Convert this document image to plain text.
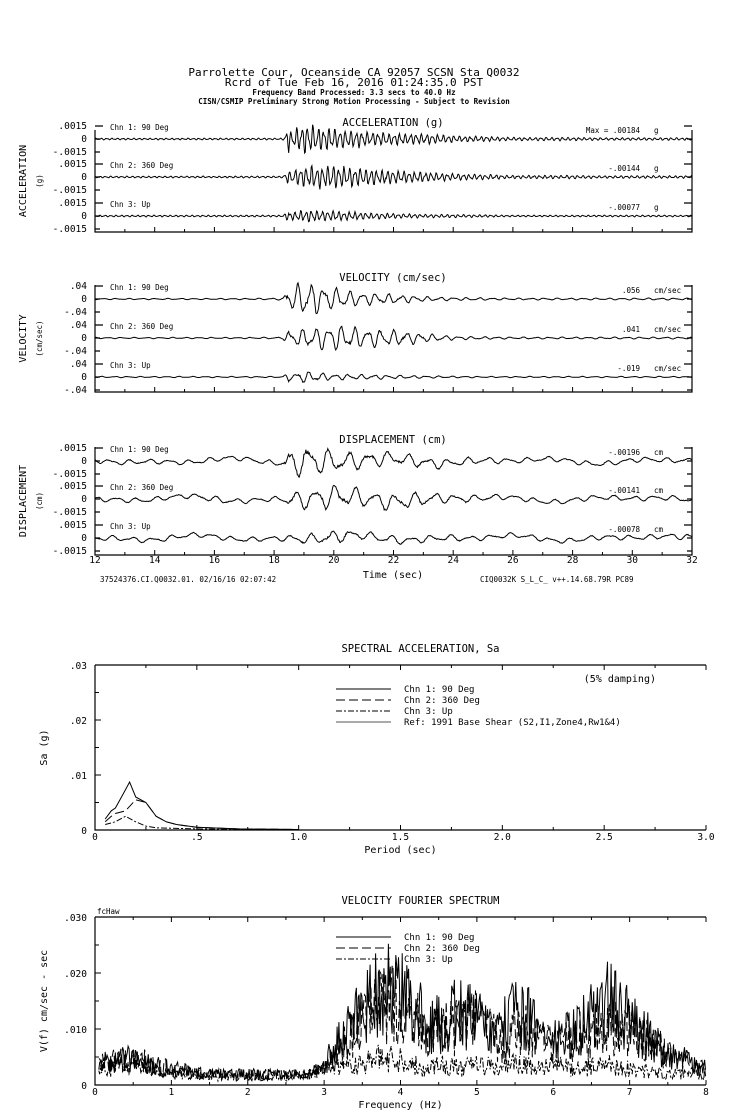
Parrolette Cour, Oceanside CA 92057 SCSN Sta Q0032
Rcrd of Tue Feb 16, 2016 01:24:35.0 PST
Frequency Band Processed: 3.3 secs to 40.0 Hz
CISN/CSMIP Preliminary Strong Motion Processing - Subject to Revision
ACCELERATION (g)
ACCELERATION (g)
.0015
0
-.0015
Chn 1: 90 Deg	Max = .00184 g
.0015
0
-.0015
Chn 2: 360 Deg	-.00144 g
.0015
0
-.0015
Chn 3: Up	-.00077 g
VELOCITY (cm/sec)
VELOCITY (cm/sec)
.04
0
-.04
Chn 1: 90 Deg	.056 cm/sec
.04
0
-.04
Chn 2: 360 Deg	.041 cm/sec
.04
0
-.04
Chn 3: Up	-.019 cm/sec
DISPLACEMENT (cm)
DISPLACEMENT (cm)
.0015
0
-.0015
Chn 1: 90 Deg	-.00196 cm
.0015
0
-.0015
Chn 2: 360 Deg	-.00141 cm
.0015
0
-.0015
Chn 3: Up	-.00078 cm
12	14	16	18	20	22	24	26	28	30	32
37524376.CI.Q0032.01. 02/16/16 02:07:42	Time (sec)	CIQ0032K S_L_C_ v++.14.68.79R PC89
SPECTRAL ACCELERATION, Sa
0	.5	1.0	1.5	2.0	2.5	3.0
.03
.02
.01
0
Period (sec)
Sa (g)
(5% damping)
Chn 1: 90 Deg
Chn 2: 360 Deg
Chn 3: Up
Ref: 1991 Base Shear (S2,I1,Zone4,Rw1&4)
VELOCITY FOURIER SPECTRUM
0	1	2	3	4	5	6	7	8
.030
.020
.010
0
Frequency (Hz)
V(f) cm/sec - sec
fcHaw
Chn 1: 90 Deg
Chn 2: 360 Deg
Chn 3: Up
